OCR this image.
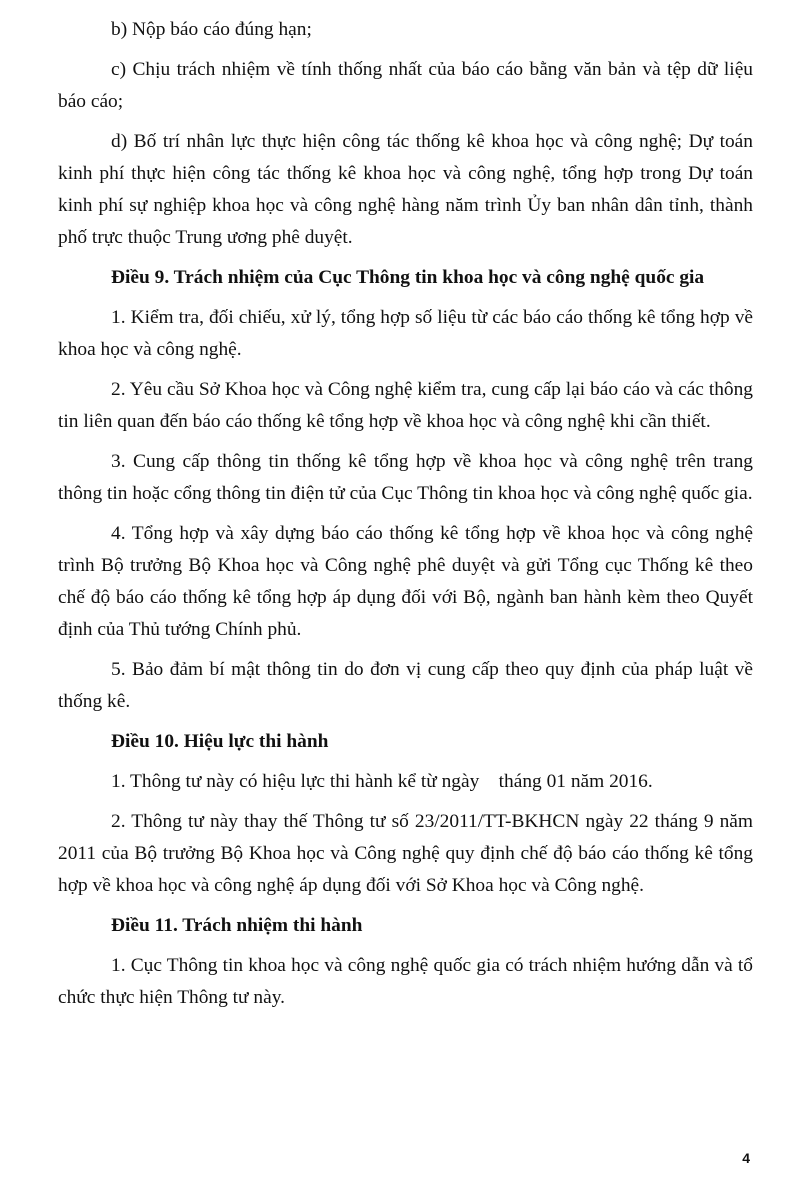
b) Nộp báo cáo đúng hạn;

c) Chịu trách nhiệm về tính thống nhất của báo cáo bằng văn bản và tệp dữ liệu báo cáo;

d) Bố trí nhân lực thực hiện công tác thống kê khoa học và công nghệ; Dự toán kinh phí thực hiện công tác thống kê khoa học và công nghệ, tổng hợp trong Dự toán kinh phí sự nghiệp khoa học và công nghệ hàng năm trình Ủy ban nhân dân tỉnh, thành phố trực thuộc Trung ương phê duyệt.

Điều 9. Trách nhiệm của Cục Thông tin khoa học và công nghệ quốc gia

1. Kiểm tra, đối chiếu, xử lý, tổng hợp số liệu từ các báo cáo thống kê tổng hợp về khoa học và công nghệ.

2. Yêu cầu Sở Khoa học và Công nghệ kiểm tra, cung cấp lại báo cáo và các thông tin liên quan đến báo cáo thống kê tổng hợp về khoa học và công nghệ khi cần thiết.

3. Cung cấp thông tin thống kê tổng hợp về khoa học và công nghệ trên trang thông tin hoặc cổng thông tin điện tử của Cục Thông tin khoa học và công nghệ quốc gia.

4. Tổng hợp và xây dựng báo cáo thống kê tổng hợp về khoa học và công nghệ trình Bộ trưởng Bộ Khoa học và Công nghệ phê duyệt và gửi Tổng cục Thống kê theo chế độ báo cáo thống kê tổng hợp áp dụng đối với Bộ, ngành ban hành kèm theo Quyết định của Thủ tướng Chính phủ.

5. Bảo đảm bí mật thông tin do đơn vị cung cấp theo quy định của pháp luật về thống kê.

Điều 10. Hiệu lực thi hành

1. Thông tư này có hiệu lực thi hành kể từ ngày    tháng 01 năm 2016.

2. Thông tư này thay thế Thông tư số 23/2011/TT-BKHCN ngày 22 tháng 9 năm 2011 của Bộ trưởng Bộ Khoa học và Công nghệ quy định chế độ báo cáo thống kê tổng hợp về khoa học và công nghệ áp dụng đối với Sở Khoa học và Công nghệ.

Điều 11. Trách nhiệm thi hành

1. Cục Thông tin khoa học và công nghệ quốc gia có trách nhiệm hướng dẫn và tổ chức thực hiện Thông tư này.

4
